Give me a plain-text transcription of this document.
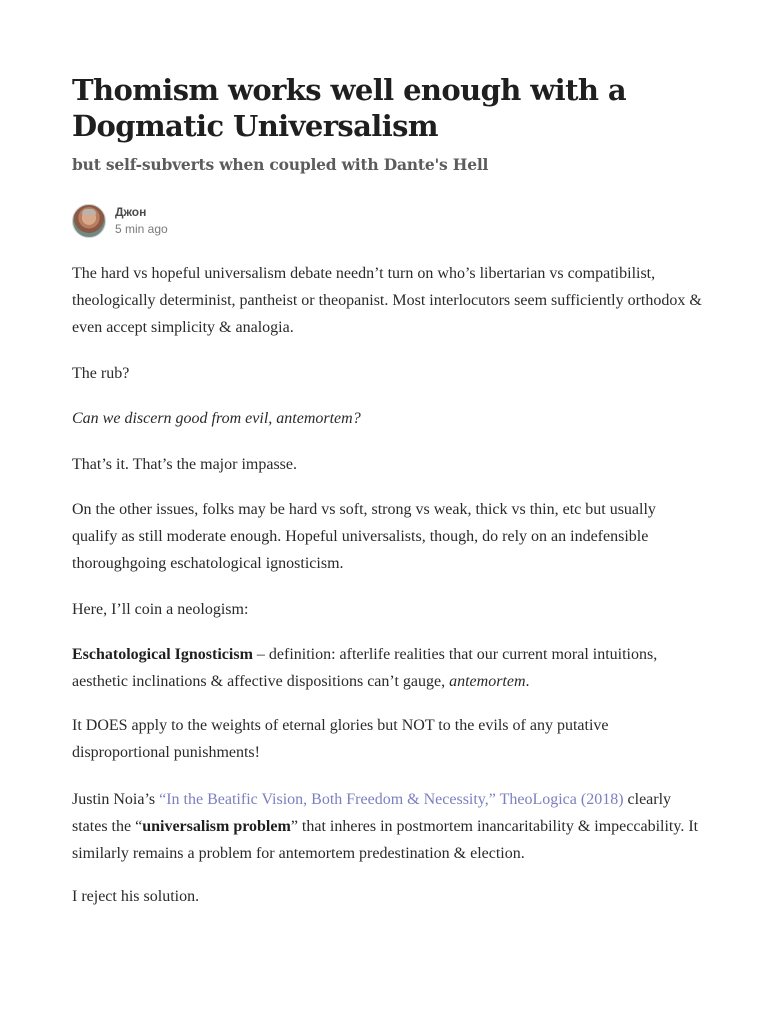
Thomism works well enough with a
Dogmatic Universalism
but self-subverts when coupled with Dante's Hell
Джон
5 min ago

The hard vs hopeful universalism debate needn’t turn on who’s libertarian vs compatibilist, theologically determinist, pantheist or theopanist. Most interlocutors seem sufficiently orthodox & even accept simplicity & analogia.

The rub?

Can we discern good from evil, antemortem?

That’s it. That’s the major impasse.

On the other issues, folks may be hard vs soft, strong vs weak, thick vs thin, etc but usually qualify as still moderate enough. Hopeful universalists, though, do rely on an indefensible thoroughgoing eschatological ignosticism.

Here, I’ll coin a neologism:

Eschatological Ignosticism – definition: afterlife realities that our current moral intuitions, aesthetic inclinations & affective dispositions can’t gauge, antemortem.

It DOES apply to the weights of eternal glories but NOT to the evils of any putative disproportional punishments!

Justin Noia’s “In the Beatific Vision, Both Freedom & Necessity,” TheoLogica (2018) clearly states the “universalism problem” that inheres in postmortem inancaritability & impeccability. It similarly remains a problem for antemortem predestination & election.

I reject his solution.
